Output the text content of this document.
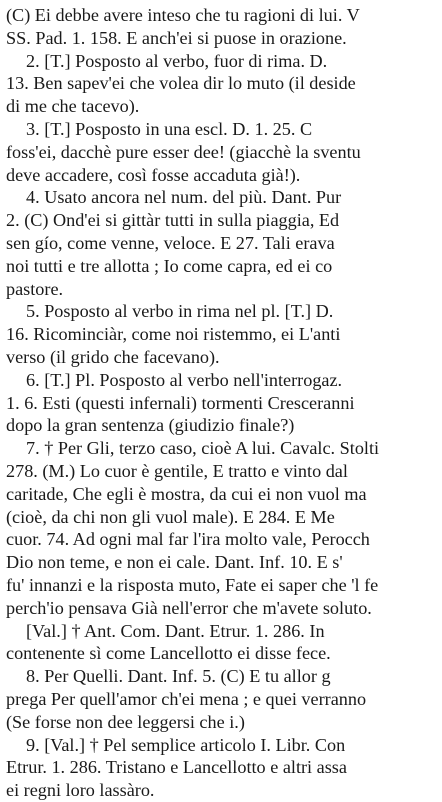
(C) Ei debbe avere inteso che tu ragioni di lui. V
SS. Pad. 1. 158. E anch'ei si puose in orazione.
2. [T.] Posposto al verbo, fuor di rima. D.
13. Ben sapev'ei che volea dir lo muto (il deside
di me che tacevo).
3. [T.] Posposto in una escl. D. 1. 25. C
foss'ei, dacchè pure esser dee! (giacchè la sventu
deve accadere, così fosse accaduta già!).
4. Usato ancora nel num. del più. Dant. Pur
2. (C) Ond'ei si gittàr tutti in sulla piaggia, Ed
sen gío, come venne, veloce. E 27. Tali erava
noi tutti e tre allotta ; Io come capra, ed ei co
pastore.
5. Posposto al verbo in rima nel pl. [T.] D.
16. Ricominciàr, come noi ristemmo, ei L'anti
verso (il grido che facevano).
6. [T.] Pl. Posposto al verbo nell'interrogaz.
1. 6. Esti (questi infernali) tormenti Cresceranni
dopo la gran sentenza (giudizio finale?)
7. † Per Gli, terzo caso, cioè A lui. Cavalc. Stolti
278. (M.) Lo cuor è gentile, E tratto e vinto dal
caritade, Che egli è mostra, da cui ei non vuol ma
(cioè, da chi non gli vuol male). E 284. E Me
cuor. 74. Ad ogni mal far l'ira molto vale, Perocch
Dio non teme, e non ei cale. Dant. Inf. 10. E s'
fu' innanzi e la risposta muto, Fate ei saper che 'l fe
perch'io pensava Già nell'error che m'avete soluto.
[Val.] † Ant. Com. Dant. Etrur. 1. 286. In
contenente sì come Lancellotto ei disse fece.
8. Per Quelli. Dant. Inf. 5. (C) E tu allor g
prega Per quell'amor ch'ei mena ; e quei verranno
(Se forse non dee leggersi che i.)
9. [Val.] † Pel semplice articolo I. Libr. Con
Etrur. 1. 286. Tristano e Lancellotto e altri assa
ei regni loro lassàro.
